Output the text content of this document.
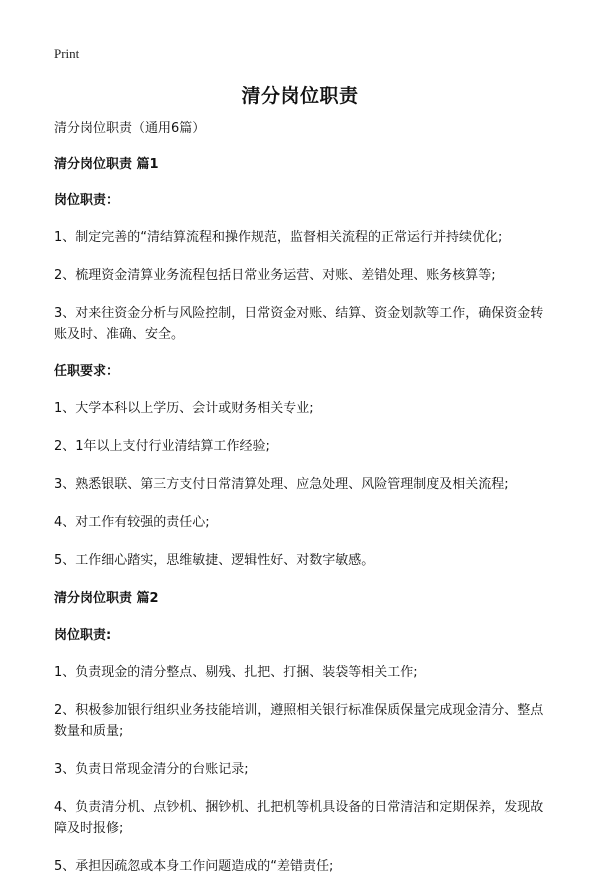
Print
清分岗位职责

清分岗位职责（通用6篇）

清分岗位职责 篇1

岗位职责：

1、制定完善的“清结算流程和操作规范，监督相关流程的正常运行并持续优化;

2、梳理资金清算业务流程包括日常业务运营、对账、差错处理、账务核算等;

3、对来往资金分析与风险控制，日常资金对账、结算、资金划款等工作，确保资金转账及时、准确、安全。

任职要求：

1、大学本科以上学历、会计或财务相关专业;

2、1年以上支付行业清结算工作经验;

3、熟悉银联、第三方支付日常清算处理、应急处理、风险管理制度及相关流程;

4、对工作有较强的责任心;

5、工作细心踏实，思维敏捷、逻辑性好、对数字敏感。

清分岗位职责 篇2

岗位职责:

1、负责现金的清分整点、剔残、扎把、打捆、装袋等相关工作;

2、积极参加银行组织业务技能培训，遵照相关银行标准保质保量完成现金清分、整点数量和质量;

3、负责日常现金清分的台账记录;

4、负责清分机、点钞机、捆钞机、扎把机等机具设备的日常清洁和定期保养，发现故障及时报修;

5、承担因疏忽或本身工作问题造成的“差错责任;
